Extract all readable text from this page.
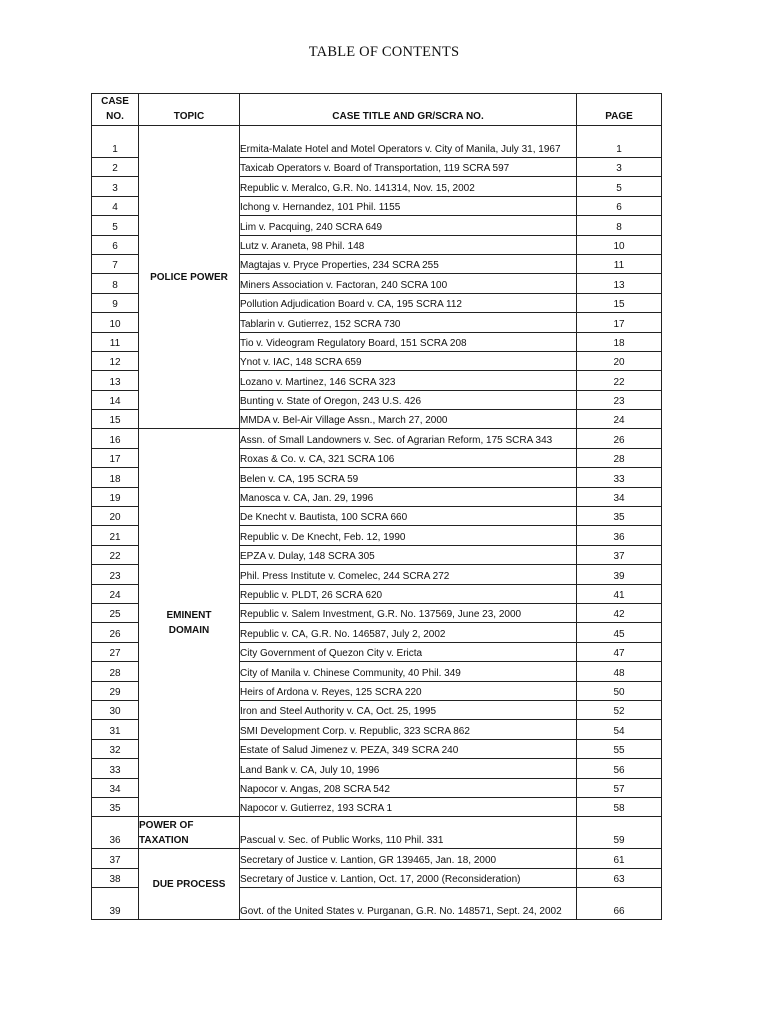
TABLE OF CONTENTS
CASE
NO.	TOPIC	CASE TITLE AND GR/SCRA NO.	PAGE
1	POLICE POWER	Ermita-Malate Hotel and Motel Operators v. City of Manila, July 31, 1967	1
2		Taxicab Operators v. Board of Transportation, 119 SCRA 597	3
3		Republic v. Meralco, G.R. No. 141314, Nov. 15, 2002	5
4		Ichong v. Hernandez, 101 Phil. 1155	6
5		Lim v. Pacquing, 240 SCRA 649	8
6		Lutz v. Araneta, 98 Phil. 148	10
7		Magtajas v. Pryce Properties, 234 SCRA 255	11
8		Miners Association v. Factoran, 240 SCRA 100	13
9		Pollution Adjudication Board v. CA, 195 SCRA 112	15
10		Tablarin v. Gutierrez, 152 SCRA 730	17
11		Tio v. Videogram Regulatory Board, 151 SCRA 208	18
12		Ynot v. IAC, 148 SCRA 659	20
13		Lozano v. Martinez, 146 SCRA 323	22
14		Bunting v. State of Oregon, 243 U.S. 426	23
15		MMDA v. Bel-Air Village Assn., March 27, 2000	24
16	EMINENT
DOMAIN	Assn. of Small Landowners v. Sec. of Agrarian Reform, 175 SCRA 343	26
17		Roxas & Co. v. CA, 321 SCRA 106	28
18		Belen v. CA, 195 SCRA 59	33
19		Manosca v. CA, Jan. 29, 1996	34
20		De Knecht v. Bautista, 100 SCRA 660	35
21		Republic v. De Knecht, Feb. 12, 1990	36
22		EPZA v. Dulay, 148 SCRA 305	37
23		Phil. Press Institute v. Comelec, 244 SCRA 272	39
24		Republic v. PLDT, 26 SCRA 620	41
25		Republic v. Salem Investment, G.R. No. 137569, June 23, 2000	42
26		Republic v. CA, G.R. No. 146587, July 2, 2002	45
27		City Government of Quezon City v. Ericta	47
28		City of Manila v. Chinese Community, 40 Phil. 349	48
29		Heirs of Ardona v. Reyes, 125 SCRA 220	50
30		Iron and Steel Authority v. CA, Oct. 25, 1995	52
31		SMI Development Corp. v. Republic, 323 SCRA 862	54
32		Estate of Salud Jimenez v. PEZA, 349 SCRA 240	55
33		Land Bank v. CA, July 10, 1996	56
34		Napocor v. Angas, 208 SCRA 542	57
35		Napocor v. Gutierrez, 193 SCRA 1	58
36	POWER OF
TAXATION	Pascual v. Sec. of Public Works, 110 Phil. 331	59
37	DUE PROCESS	Secretary of Justice v. Lantion, GR 139465, Jan. 18, 2000	61
38		Secretary of Justice v. Lantion, Oct. 17, 2000 (Reconsideration)	63
39		Govt. of the United States v. Purganan, G.R. No. 148571, Sept. 24, 2002	66
